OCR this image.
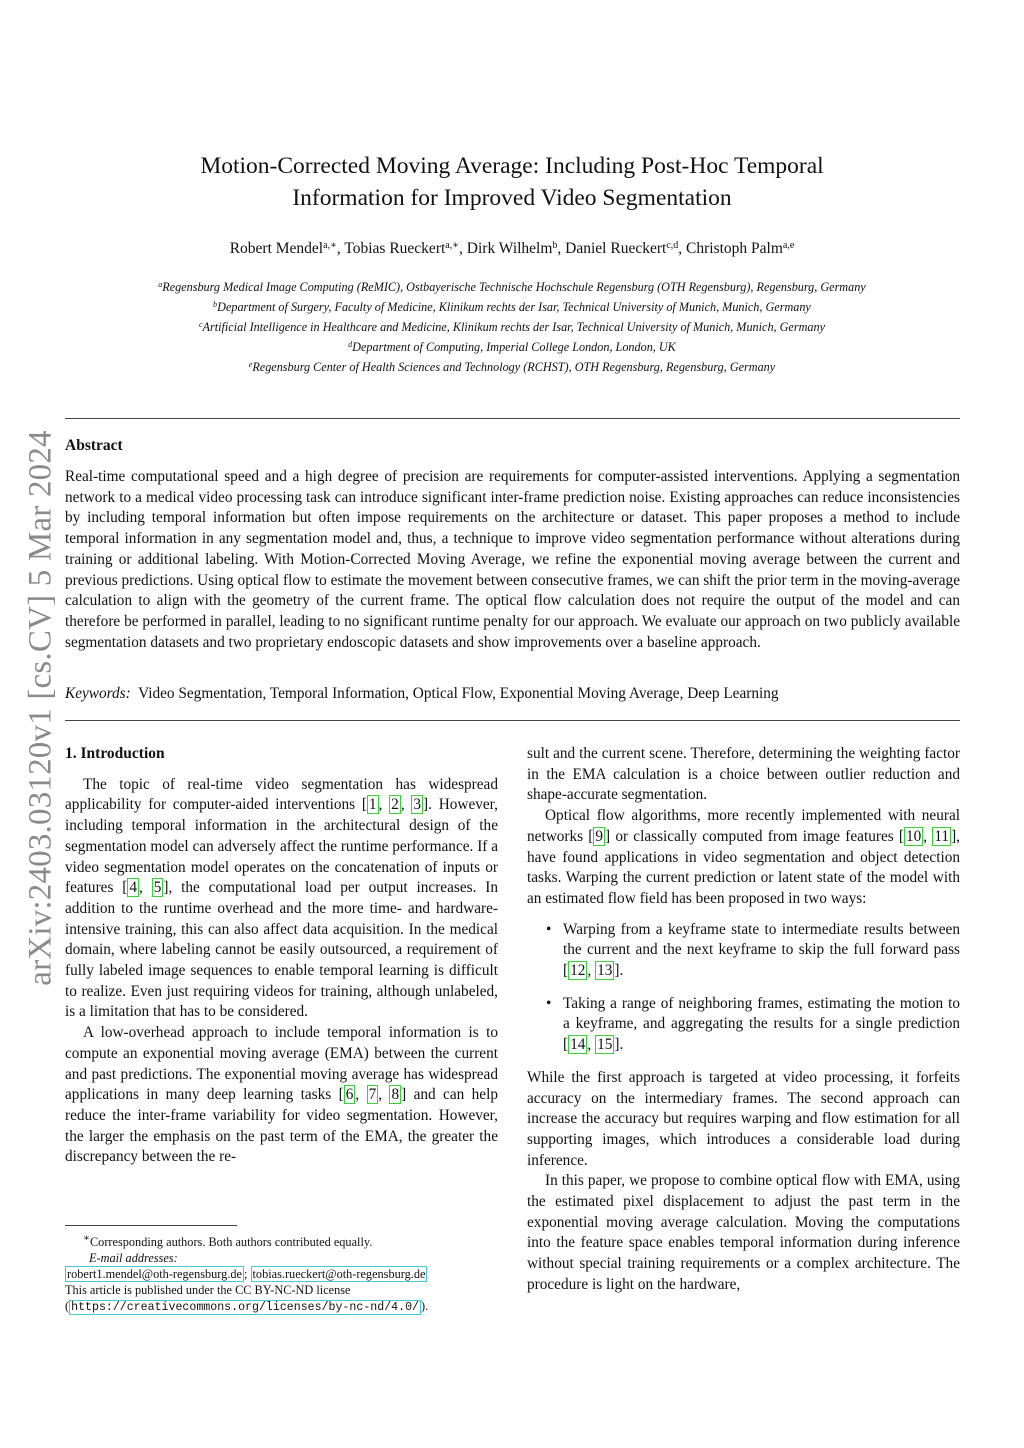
arXiv:2403.03120v1 [cs.CV] 5 Mar 2024
Motion-Corrected Moving Average: Including Post-Hoc Temporal
Information for Improved Video Segmentation
Robert Mendel$^{a,∗}$, Tobias Rueckert$^{a,∗}$, Dirk Wilhelm$^b$, Daniel Rueckert$^{c,d}$, Christoph Palm$^{a,e}$
$^a$Regensburg Medical Image Computing (ReMIC), Ostbayerische Technische Hochschule Regensburg (OTH Regensburg), Regensburg, Germany
$^b$Department of Surgery, Faculty of Medicine, Klinikum rechts der Isar, Technical University of Munich, Munich, Germany
$^c$Artificial Intelligence in Healthcare and Medicine, Klinikum rechts der Isar, Technical University of Munich, Munich, Germany
$^d$Department of Computing, Imperial College London, London, UK
$^e$Regensburg Center of Health Sciences and Technology (RCHST), OTH Regensburg, Regensburg, Germany
Abstract
Real-time computational speed and a high degree of precision are requirements for computer-assisted interventions. Applying a segmentation network to a medical video processing task can introduce significant inter-frame prediction noise. Existing approaches can reduce inconsistencies by including temporal information but often impose requirements on the architecture or dataset. This paper proposes a method to include temporal information in any segmentation model and, thus, a technique to improve video segmentation performance without alterations during training or additional labeling. With Motion-Corrected Moving Average, we refine the exponential moving average between the current and previous predictions. Using optical flow to estimate the movement between consecutive frames, we can shift the prior term in the moving-average calculation to align with the geometry of the current frame. The optical flow calculation does not require the output of the model and can therefore be performed in parallel, leading to no significant runtime penalty for our approach. We evaluate our approach on two publicly available segmentation datasets and two proprietary endoscopic datasets and show improvements over a baseline approach.
Keywords: Video Segmentation, Temporal Information, Optical Flow, Exponential Moving Average, Deep Learning
1. Introduction

The topic of real-time video segmentation has widespread applicability for computer-aided interventions [ 1 , 2 , 3 ]. However, including temporal information in the architectural design of the segmentation model can adversely affect the runtime performance. If a video segmentation model operates on the concatenation of inputs or features [ 4 , 5 ], the computational load per output increases. In addition to the runtime overhead and the more time- and hardware-intensive training, this can also affect data acquisition. In the medical domain, where labeling cannot be easily outsourced, a requirement of fully labeled image sequences to enable temporal learning is difficult to realize. Even just requiring videos for training, although unlabeled, is a limitation that has to be considered.

A low-overhead approach to include temporal information is to compute an exponential moving average (EMA) between the current and past predictions. The exponential moving average has widespread applications in many deep learning tasks [ 6 , 7 , 8 ] and can help reduce the inter-frame variability for video segmentation. However, the larger the emphasis on the past term of the EMA, the greater the discrepancy between the re-

sult and the current scene. Therefore, determining the weighting factor in the EMA calculation is a choice between outlier reduction and shape-accurate segmentation.

Optical flow algorithms, more recently implemented with neural networks [ 9 ] or classically computed from image features [ 10 , 11 ], have found applications in video segmentation and object detection tasks. Warping the current prediction or latent state of the model with an estimated flow field has been proposed in two ways:

• Warping from a keyframe state to intermediate results between the current and the next keyframe to skip the full forward pass [ 12 , 13 ].
• Taking a range of neighboring frames, estimating the motion to a keyframe, and aggregating the results for a single prediction [ 14 , 15 ].

While the first approach is targeted at video processing, it forfeits accuracy on the intermediary frames. The second approach can increase the accuracy but requires warping and flow estimation for all supporting images, which introduces a considerable load during inference.

In this paper, we propose to combine optical flow with EMA, using the estimated pixel displacement to adjust the past term in the exponential moving average calculation. Moving the computations into the feature space enables temporal information during inference without special training requirements or a complex architecture. The procedure is light on the hardware,

∗Corresponding authors. Both authors contributed equally.
E-mail addresses:
robert1.mendel@oth-regensburg.de ; tobias.rueckert@oth-regensburg.de
This article is published under the CC BY-NC-ND license
( https://creativecommons.org/licenses/by-nc-nd/4.0/ ).
